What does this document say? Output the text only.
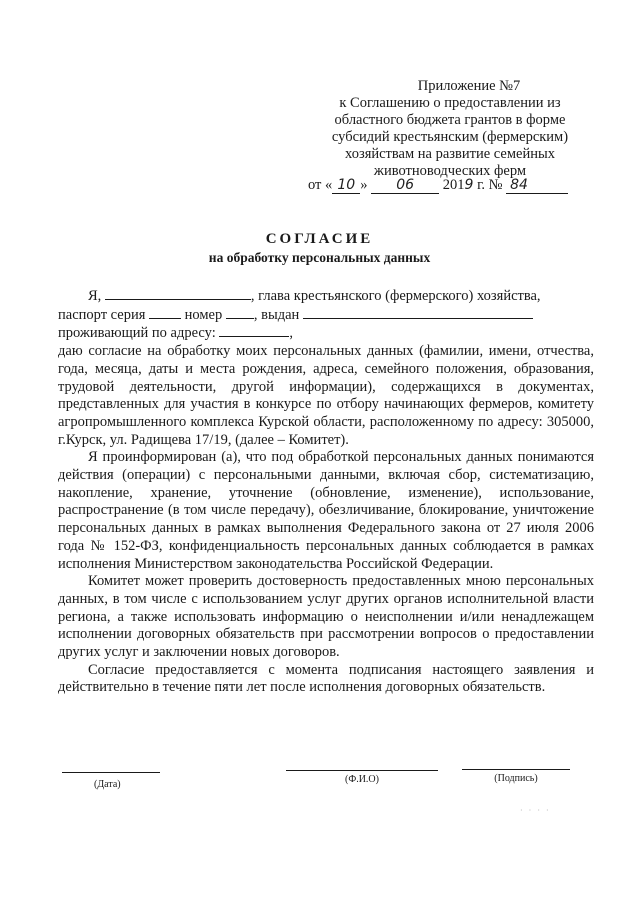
Приложение №7
к Соглашению о предоставлении из
областного бюджета грантов в форме
субсидий крестьянским (фермерским)
хозяйствам на развитие семейных
животноводческих ферм
от « 10 » 06 2019 г. № 84
СОГЛАСИЕ
на обработку персональных данных
Я,	, глава крестьянского (фермерского) хозяйства,
паспорт серия  номер , выдан
проживающий по адресу:	,

даю согласие на обработку моих персональных данных (фамилии, имени, отчества, года, месяца, даты и места рождения, адреса, семейного положения, образования, трудовой деятельности, другой информации), содержащихся в документах, представленных для участия в конкурсе по отбору начинающих фермеров, комитету агропромышленного комплекса Курской области, расположенному по адресу: 305000, г.Курск, ул. Радищева 17/19, (далее – Комитет).

Я проинформирован (а), что под обработкой персональных данных понимаются действия (операции) с персональными данными, включая сбор, систематизацию, накопление, хранение, уточнение (обновление, изменение), использование, распространение (в том числе передачу), обезличивание, блокирование, уничтожение персональных данных в рамках выполнения Федерального закона от 27 июля 2006 года № 152-ФЗ, конфиденциальность персональных данных соблюдается в рамках исполнения Министерством законодательства Российской Федерации.

Комитет может проверить достоверность предоставленных мною персональных данных, в том числе с использованием услуг других органов исполнительной власти региона, а также использовать информацию о неисполнении и/или ненадлежащем исполнении договорных обязательств при рассмотрении вопросов о предоставлении других услуг и заключении новых договоров.

Согласие предоставляется с момента подписания настоящего заявления и действительно в течение пяти лет после исполнения договорных обязательств.

(Дата)	(Ф.И.О)	(Подпись)
· · · ·
